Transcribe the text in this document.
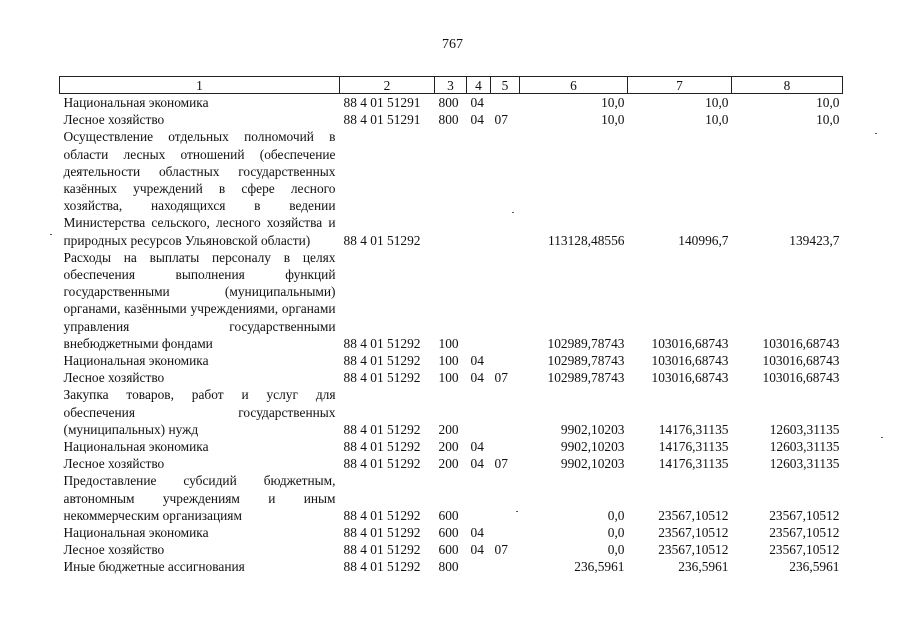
767
1	2	3	4	5	6	7	8
Национальная экономика	88 4 01 51291	800	04		10,0	10,0	10,0
Лесное хозяйство	88 4 01 51291	800	04	07	10,0	10,0	10,0
Осуществление отдельных полномочий в области лесных отношений (обеспечение деятельности областных государственных казённых учреждений в сфере лесного хозяйства, находящихся в ведении Министерства сельского, лесного хозяйства и природных ресурсов Ульяновской области)	88 4 01 51292				113128,48556	140996,7	139423,7
Расходы на выплаты персоналу в целях обеспечения выполнения функций государственными (муниципальными) органами, казёнными учреждениями, органами управления государственными внебюджетными фондами	88 4 01 51292	100			102989,78743	103016,68743	103016,68743
Национальная экономика	88 4 01 51292	100	04		102989,78743	103016,68743	103016,68743
Лесное хозяйство	88 4 01 51292	100	04	07	102989,78743	103016,68743	103016,68743
Закупка товаров, работ и услуг для обеспечения государственных (муниципальных) нужд	88 4 01 51292	200			9902,10203	14176,31135	12603,31135
Национальная экономика	88 4 01 51292	200	04		9902,10203	14176,31135	12603,31135
Лесное хозяйство	88 4 01 51292	200	04	07	9902,10203	14176,31135	12603,31135
Предоставление субсидий бюджетным, автономным учреждениям и иным некоммерческим организациям	88 4 01 51292	600			0,0	23567,10512	23567,10512
Национальная экономика	88 4 01 51292	600	04		0,0	23567,10512	23567,10512
Лесное хозяйство	88 4 01 51292	600	04	07	0,0	23567,10512	23567,10512
Иные бюджетные ассигнования	88 4 01 51292	800			236,5961	236,5961	236,5961
